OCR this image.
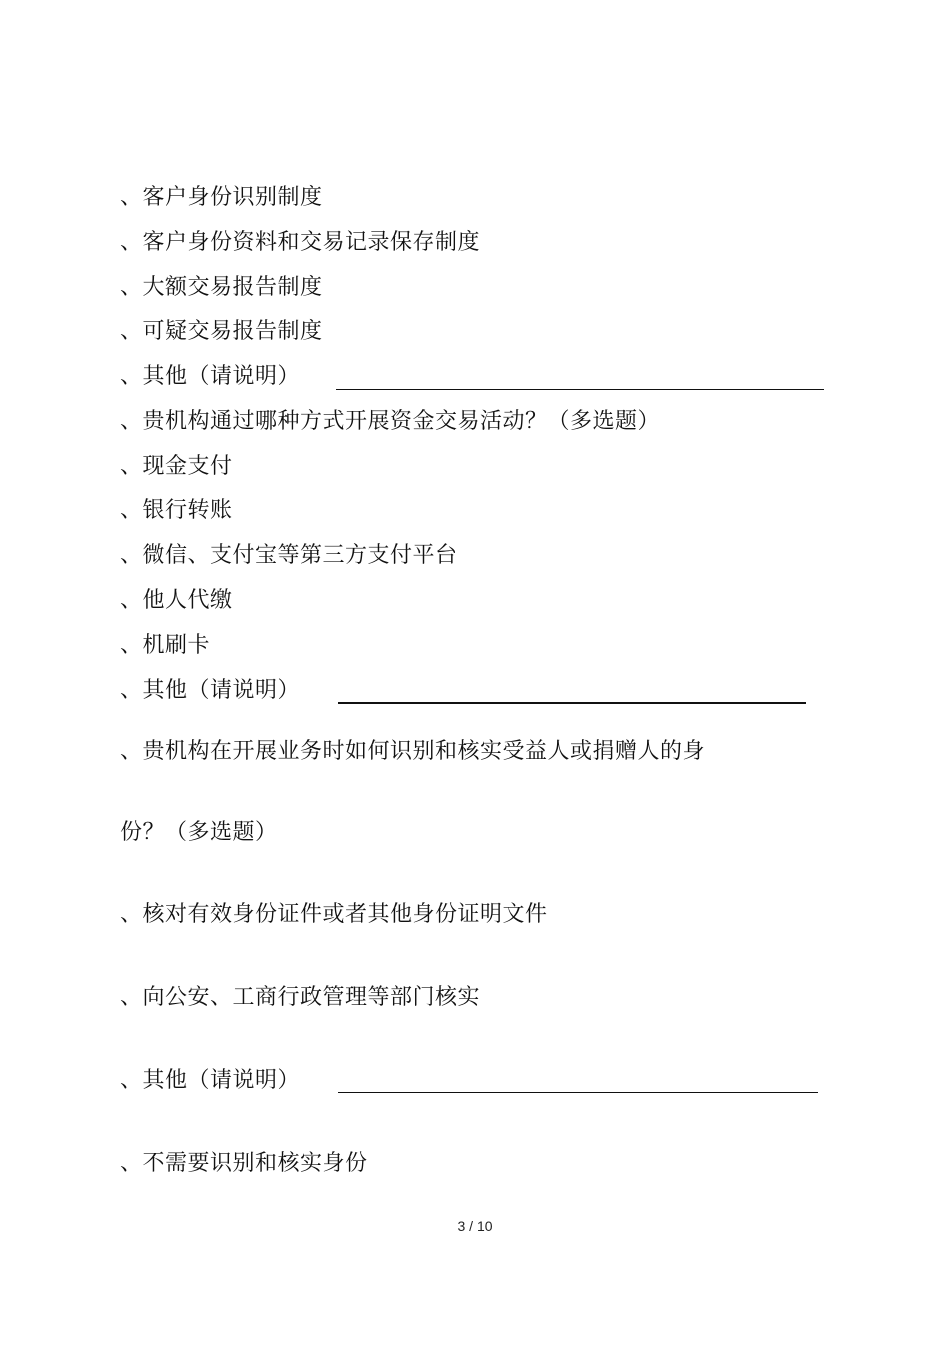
、客户身份识别制度
、客户身份资料和交易记录保存制度
、大额交易报告制度
、可疑交易报告制度
、其他（请说明）
、贵机构通过哪种方式开展资金交易活动？（多选题）
、现金支付
、银行转账
、微信、支付宝等第三方支付平台
、他人代缴
、机刷卡
、其他（请说明）
、贵机构在开展业务时如何识别和核实受益人或捐赠人的身
份？（多选题）
、核对有效身份证件或者其他身份证明文件
、向公安、工商行政管理等部门核实
、其他（请说明）
、不需要识别和核实身份
3 / 10
